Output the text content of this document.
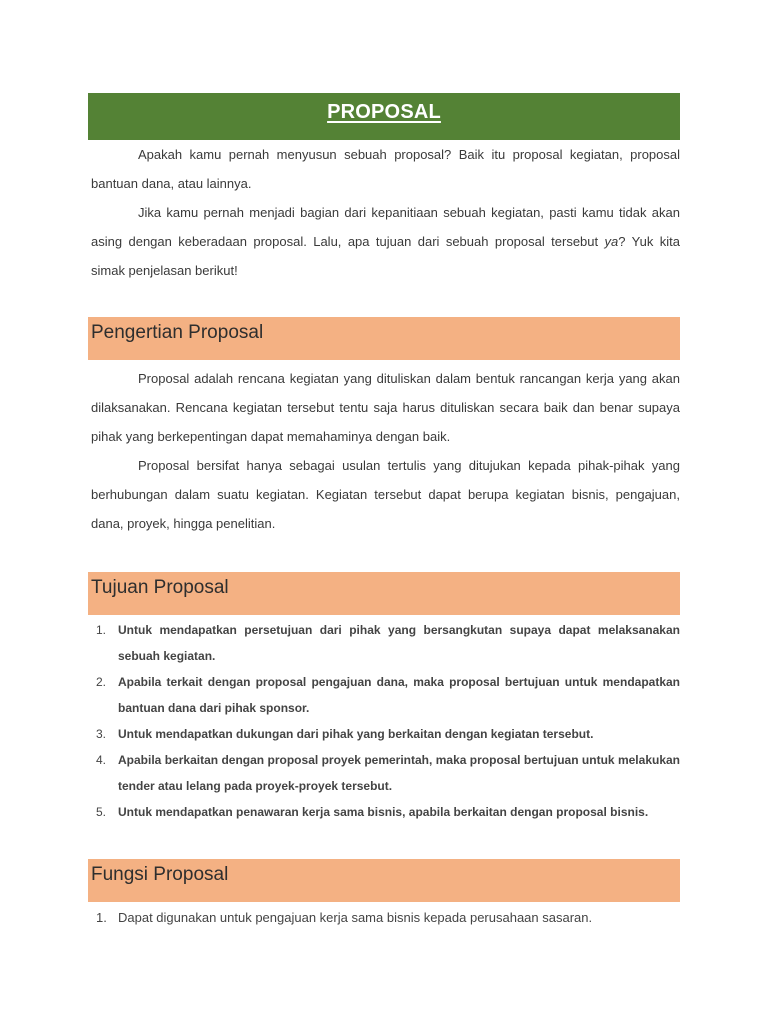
PROPOSAL

Apakah kamu pernah menyusun sebuah proposal? Baik itu proposal kegiatan, proposal bantuan dana, atau lainnya.

Jika kamu pernah menjadi bagian dari kepanitiaan sebuah kegiatan, pasti kamu tidak akan asing dengan keberadaan proposal. Lalu, apa tujuan dari sebuah proposal tersebut ya? Yuk kita simak penjelasan berikut!

Pengertian Proposal

Proposal adalah rencana kegiatan yang dituliskan dalam bentuk rancangan kerja yang akan dilaksanakan. Rencana kegiatan tersebut tentu saja harus dituliskan secara baik dan benar supaya pihak yang berkepentingan dapat memahaminya dengan baik.

Proposal bersifat hanya sebagai usulan tertulis yang ditujukan kepada pihak-pihak yang berhubungan dalam suatu kegiatan. Kegiatan tersebut dapat berupa kegiatan bisnis, pengajuan, dana, proyek, hingga penelitian.

Tujuan Proposal
1. Untuk mendapatkan persetujuan dari pihak yang bersangkutan supaya dapat melaksanakan sebuah kegiatan.
2. Apabila terkait dengan proposal pengajuan dana, maka proposal bertujuan untuk mendapatkan bantuan dana dari pihak sponsor.
3. Untuk mendapatkan dukungan dari pihak yang berkaitan dengan kegiatan tersebut.
4. Apabila berkaitan dengan proposal proyek pemerintah, maka proposal bertujuan untuk melakukan tender atau lelang pada proyek-proyek tersebut.
5. Untuk mendapatkan penawaran kerja sama bisnis, apabila berkaitan dengan proposal bisnis.
Fungsi Proposal
1. Dapat digunakan untuk pengajuan kerja sama bisnis kepada perusahaan sasaran.
